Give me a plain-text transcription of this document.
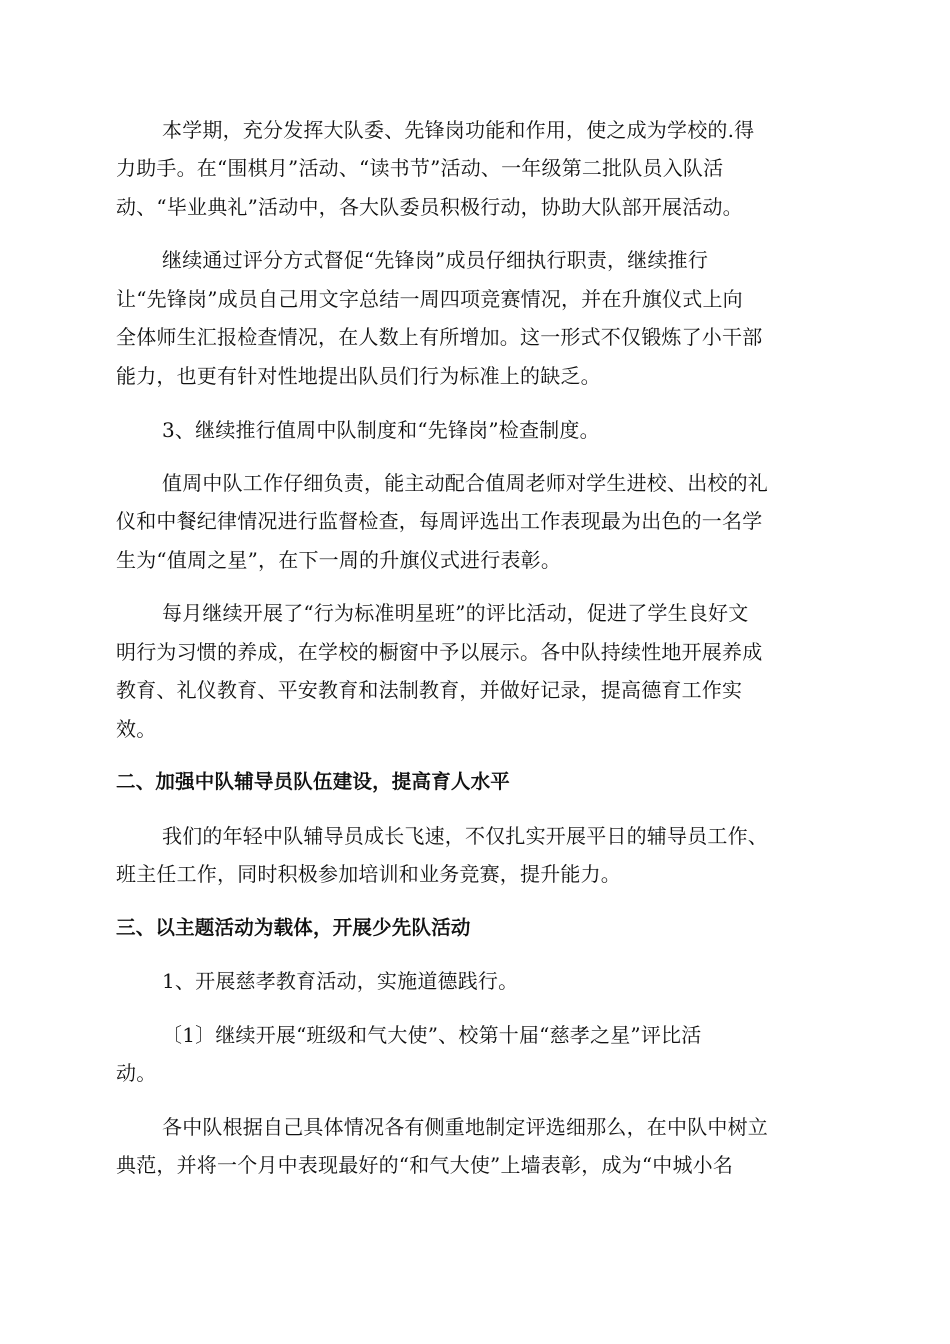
本学期，充分发挥大队委、先锋岗功能和作用，使之成为学校的.得
力助手。在“围棋月”活动、“读书节”活动、一年级第二批队员入队活
动、“毕业典礼”活动中，各大队委员积极行动，协助大队部开展活动。
继续通过评分方式督促“先锋岗”成员仔细执行职责，继续推行
让“先锋岗”成员自己用文字总结一周四项竞赛情况，并在升旗仪式上向
全体师生汇报检查情况，在人数上有所增加。这一形式不仅锻炼了小干部
能力，也更有针对性地提出队员们行为标准上的缺乏。
3、继续推行值周中队制度和“先锋岗”检查制度。
值周中队工作仔细负责，能主动配合值周老师对学生进校、出校的礼
仪和中餐纪律情况进行监督检查，每周评选出工作表现最为出色的一名学
生为“值周之星”，在下一周的升旗仪式进行表彰。
每月继续开展了“行为标准明星班”的评比活动，促进了学生良好文
明行为习惯的养成，在学校的橱窗中予以展示。各中队持续性地开展养成
教育、礼仪教育、平安教育和法制教育，并做好记录，提高德育工作实
效。
二、加强中队辅导员队伍建设，提高育人水平
我们的年轻中队辅导员成长飞速，不仅扎实开展平日的辅导员工作、
班主任工作，同时积极参加培训和业务竞赛，提升能力。
三、以主题活动为载体，开展少先队活动
1、开展慈孝教育活动，实施道德践行。
〔1〕继续开展“班级和气大使”、校第十届“慈孝之星”评比活
动。
各中队根据自己具体情况各有侧重地制定评选细那么，在中队中树立
典范，并将一个月中表现最好的“和气大使”上墙表彰，成为“中城小名
